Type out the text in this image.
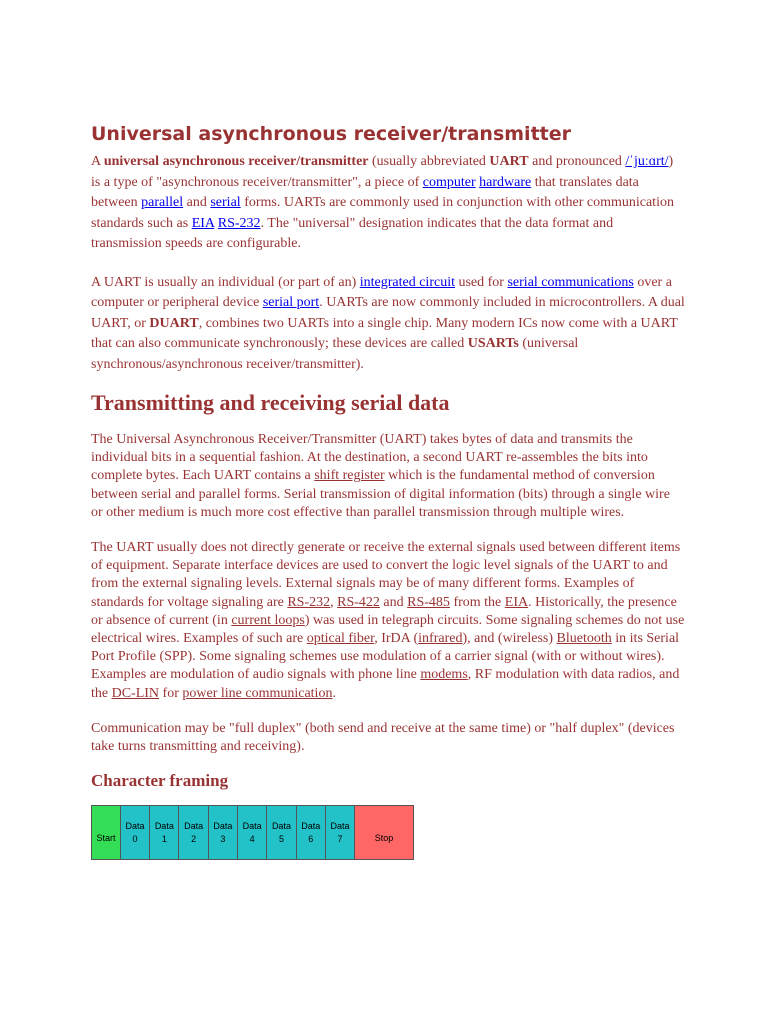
Universal asynchronous receiver/transmitter

A universal asynchronous receiver/transmitter (usually abbreviated UART and pronounced /ˈjuːɑrt/) is a type of "asynchronous receiver/transmitter", a piece of computer hardware that translates data between parallel and serial forms. UARTs are commonly used in conjunction with other communication standards such as EIA RS-232. The "universal" designation indicates that the data format and transmission speeds are configurable.

A UART is usually an individual (or part of an) integrated circuit used for serial communications over a computer or peripheral device serial port. UARTs are now commonly included in microcontrollers. A dual UART, or DUART, combines two UARTs into a single chip. Many modern ICs now come with a UART that can also communicate synchronously; these devices are called USARTs (universal synchronous/asynchronous receiver/transmitter).

Transmitting and receiving serial data

The Universal Asynchronous Receiver/Transmitter (UART) takes bytes of data and transmits the individual bits in a sequential fashion. At the destination, a second UART re-assembles the bits into complete bytes. Each UART contains a shift register which is the fundamental method of conversion between serial and parallel forms. Serial transmission of digital information (bits) through a single wire or other medium is much more cost effective than parallel transmission through multiple wires.

The UART usually does not directly generate or receive the external signals used between different items of equipment. Separate interface devices are used to convert the logic level signals of the UART to and from the external signaling levels. External signals may be of many different forms. Examples of standards for voltage signaling are RS-232, RS-422 and RS-485 from the EIA. Historically, the presence or absence of current (in current loops) was used in telegraph circuits. Some signaling schemes do not use electrical wires. Examples of such are optical fiber, IrDA (infrared), and (wireless) Bluetooth in its Serial Port Profile (SPP). Some signaling schemes use modulation of a carrier signal (with or without wires). Examples are modulation of audio signals with phone line modems, RF modulation with data radios, and the DC-LIN for power line communication.

Communication may be "full duplex" (both send and receive at the same time) or "half duplex" (devices take turns transmitting and receiving).

Character framing
Start
Data
0
Data
1
Data
2
Data
3
Data
4
Data
5
Data
6
Data
7	Stop
